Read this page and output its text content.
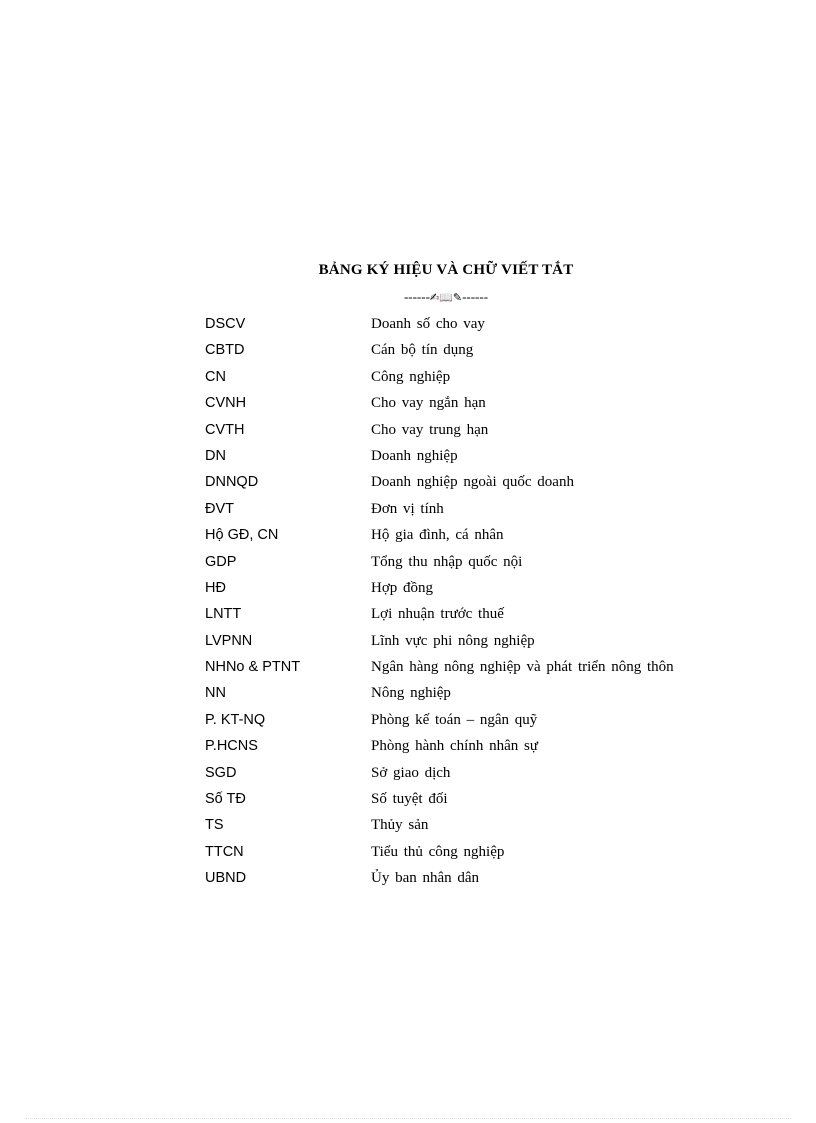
BẢNG KÝ HIỆU VÀ CHỮ VIẾT TẮT
------✍📖✎------
DSCV	Doanh số cho vay
CBTD	Cán bộ tín dụng
CN	Công nghiệp
CVNH	Cho vay ngắn hạn
CVTH	Cho vay trung hạn
DN	Doanh nghiệp
DNNQD	Doanh nghiệp ngoài quốc doanh
ĐVT	Đơn vị tính
Hộ GĐ, CN	Hộ gia đình, cá nhân
GDP	Tổng thu nhập quốc nội
HĐ	Hợp đồng
LNTT	Lợi nhuận trước thuế
LVPNN	Lĩnh vực phi nông nghiệp
NHNo & PTNT	Ngân hàng nông nghiệp và phát triển nông thôn
NN	Nông nghiệp
P. KT-NQ	Phòng kế toán – ngân quỹ
P.HCNS	Phòng hành chính nhân sự
SGD	Sở giao dịch
Số TĐ	Số tuyệt đối
TS	Thủy sản
TTCN	Tiểu thủ công nghiệp
UBND	Ủy ban nhân dân
